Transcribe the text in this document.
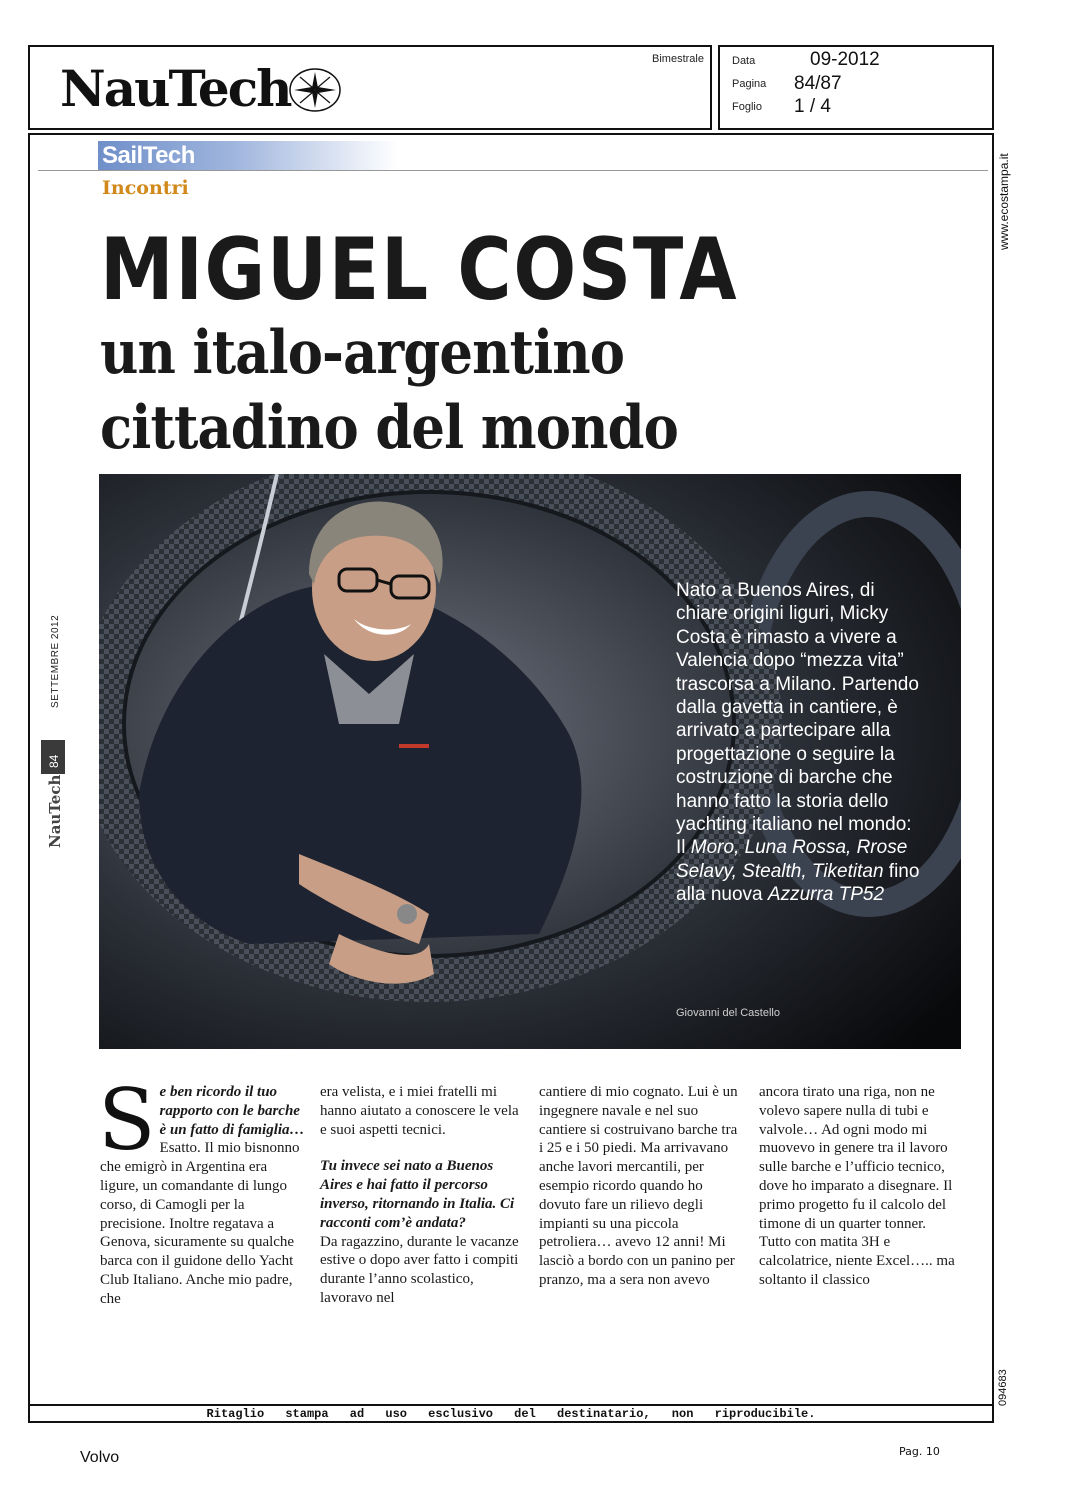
NauTech	Bimestrale	Data	09-2012
Pagina 84/87
Foglio 1 / 4
Ritaglio stampa ad uso esclusivo del destinatario, non riproducibile.
www.ecostampa.it
094683
SETTEMBRE 2012
84
NauTech
SailTech
Incontri
MIGUEL COSTA
un italo-argentino
cittadino del mondo
Nato a Buenos Aires, di chiare origini liguri, Micky Costa è rimasto a vivere a Valencia dopo “mezza vita” trascorsa a Milano. Partendo dalla gavetta in cantiere, è arrivato a partecipare alla progettazione o seguire la costruzione di barche che hanno fatto la storia dello yachting italiano nel mondo: Il Moro, Luna Rossa, Rrose Selavy, Stealth, Tiketitan fino alla nuova Azzurra TP52
Giovanni del Castello
S e ben ricordo il tuo rapporto con le barche è un fatto di famiglia…

Esatto. Il mio bisnonno che emigrò in Argentina era ligure, un comandante di lungo corso, di Camogli per la precisione. Inoltre regatava a Genova, sicuramente su qualche barca con il guidone dello Yacht Club Italiano. Anche mio padre, che

era velista, e i miei fratelli mi hanno aiutato a conoscere le vela e suoi aspetti tecnici.

Tu invece sei nato a Buenos Aires e hai fatto il percorso inverso, ritornando in Italia. Ci racconti com’è andata?

Da ragazzino, durante le vacanze estive o dopo aver fatto i compiti durante l’anno scolastico, lavoravo nel

cantiere di mio cognato. Lui è un ingegnere navale e nel suo cantiere si costruivano barche tra i 25 e i 50 piedi. Ma arrivavano anche lavori mercantili, per esempio ricordo quando ho dovuto fare un rilievo degli impianti su una piccola petroliera… avevo 12 anni! Mi lasciò a bordo con un panino per pranzo, ma a sera non avevo

ancora tirato una riga, non ne volevo sapere nulla di tubi e valvole… Ad ogni modo mi muovevo in genere tra il lavoro sulle barche e l’ufficio tecnico, dove ho imparato a disegnare. Il primo progetto fu il calcolo del timone di un quarter tonner.

Tutto con matita 3H e calcolatrice, niente Excel….. ma soltanto il classico

Volvo	Pag. 10
